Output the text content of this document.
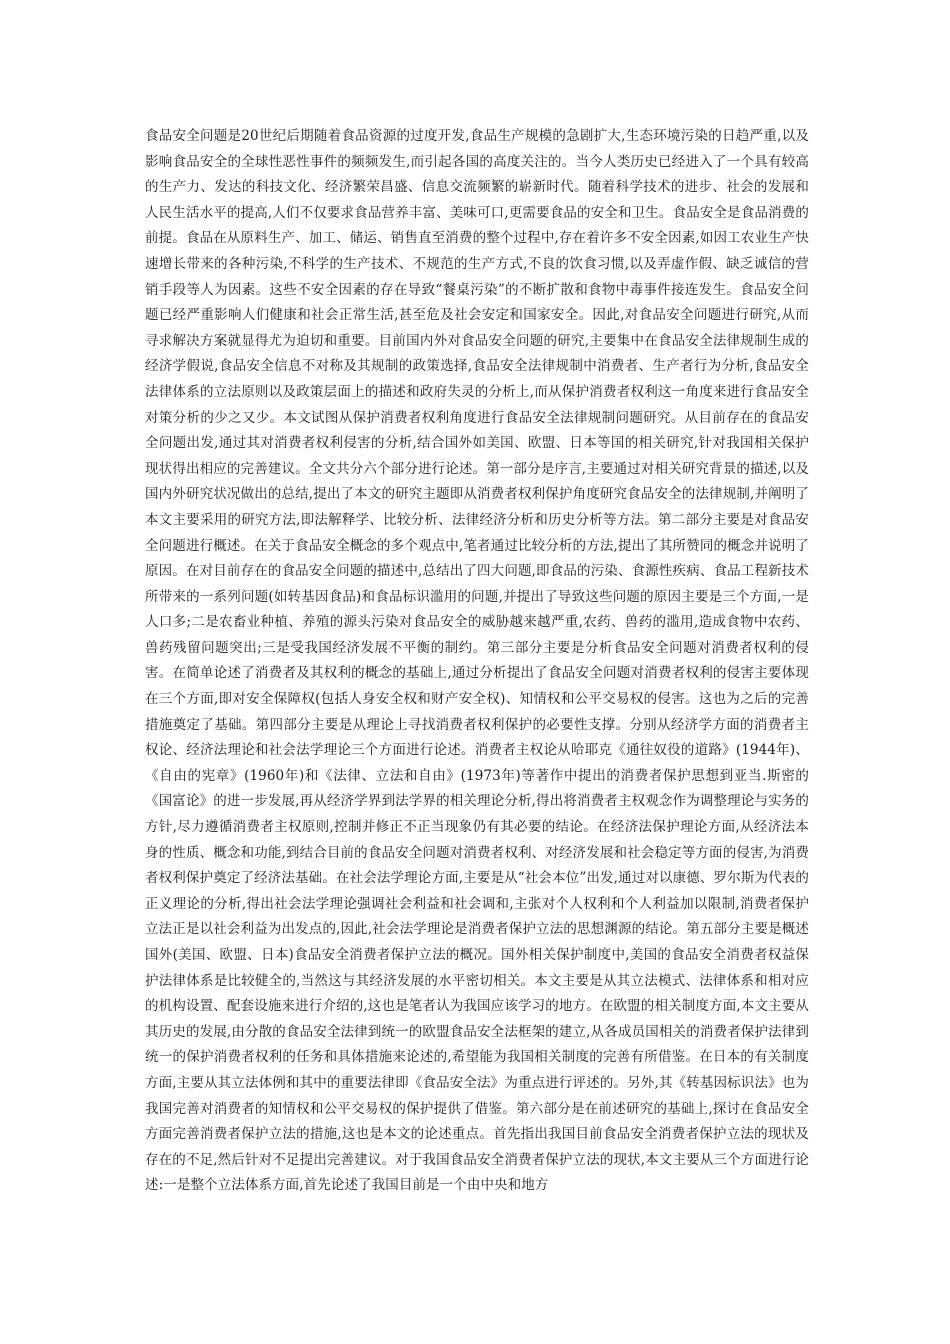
食品安全问题是20世纪后期随着食品资源的过度开发,食品生产规模的急剧扩大,生态环境污染的日趋严重,以及影响食品安全的全球性恶性事件的频频发生,而引起各国的高度关注的。当今人类历史已经进入了一个具有较高的生产力、发达的科技文化、经济繁荣昌盛、信息交流频繁的崭新时代。随着科学技术的进步、社会的发展和人民生活水平的提高,人们不仅要求食品营养丰富、美味可口,更需要食品的安全和卫生。食品安全是食品消费的前提。食品在从原料生产、加工、储运、销售直至消费的整个过程中,存在着许多不安全因素,如因工农业生产快速增长带来的各种污染,不科学的生产技术、不规范的生产方式,不良的饮食习惯,以及弄虚作假、缺乏诚信的营销手段等人为因素。这些不安全因素的存在导致“餐桌污染”的不断扩散和食物中毒事件接连发生。食品安全问题已经严重影响人们健康和社会正常生活,甚至危及社会安定和国家安全。因此,对食品安全问题进行研究,从而寻求解决方案就显得尤为迫切和重要。目前国内外对食品安全问题的研究,主要集中在食品安全法律规制生成的经济学假说,食品安全信息不对称及其规制的政策选择,食品安全法律规制中消费者、生产者行为分析,食品安全法律体系的立法原则以及政策层面上的描述和政府失灵的分析上,而从保护消费者权利这一角度来进行食品安全对策分析的少之又少。本文试图从保护消费者权利角度进行食品安全法律规制问题研究。从目前存在的食品安全问题出发,通过其对消费者权利侵害的分析,结合国外如美国、欧盟、日本等国的相关研究,针对我国相关保护现状得出相应的完善建议。全文共分六个部分进行论述。第一部分是序言,主要通过对相关研究背景的描述,以及国内外研究状况做出的总结,提出了本文的研究主题即从消费者权利保护角度研究食品安全的法律规制,并阐明了本文主要采用的研究方法,即法解释学、比较分析、法律经济分析和历史分析等方法。第二部分主要是对食品安全问题进行概述。在关于食品安全概念的多个观点中,笔者通过比较分析的方法,提出了其所赞同的概念并说明了原因。在对目前存在的食品安全问题的描述中,总结出了四大问题,即食品的污染、食源性疾病、食品工程新技术所带来的一系列问题(如转基因食品)和食品标识滥用的问题,并提出了导致这些问题的原因主要是三个方面,一是人口多;二是农畜业种植、养殖的源头污染对食品安全的威胁越来越严重,农药、兽药的滥用,造成食物中农药、兽药残留问题突出;三是受我国经济发展不平衡的制约。第三部分主要是分析食品安全问题对消费者权利的侵害。在简单论述了消费者及其权利的概念的基础上,通过分析提出了食品安全问题对消费者权利的侵害主要体现在三个方面,即对安全保障权(包括人身安全权和财产安全权)、知情权和公平交易权的侵害。这也为之后的完善措施奠定了基础。第四部分主要是从理论上寻找消费者权利保护的必要性支撑。分别从经济学方面的消费者主权论、经济法理论和社会法学理论三个方面进行论述。消费者主权论从哈耶克《通往奴役的道路》(1944年)、《自由的宪章》(1960年)和《法律、立法和自由》(1973年)等著作中提出的消费者保护思想到亚当.斯密的《国富论》的进一步发展,再从经济学界到法学界的相关理论分析,得出将消费者主权观念作为调整理论与实务的方针,尽力遵循消费者主权原则,控制并修正不正当现象仍有其必要的结论。在经济法保护理论方面,从经济法本身的性质、概念和功能,到结合目前的食品安全问题对消费者权利、对经济发展和社会稳定等方面的侵害,为消费者权利保护奠定了经济法基础。在社会法学理论方面,主要是从“社会本位”出发,通过对以康德、罗尔斯为代表的正义理论的分析,得出社会法学理论强调社会利益和社会调和,主张对个人权利和个人利益加以限制,消费者保护立法正是以社会利益为出发点的,因此,社会法学理论是消费者保护立法的思想渊源的结论。第五部分主要是概述国外(美国、欧盟、日本)食品安全消费者保护立法的概况。国外相关保护制度中,美国的食品安全消费者权益保护法律体系是比较健全的,当然这与其经济发展的水平密切相关。本文主要是从其立法模式、法律体系和相对应的机构设置、配套设施来进行介绍的,这也是笔者认为我国应该学习的地方。在欧盟的相关制度方面,本文主要从其历史的发展,由分散的食品安全法律到统一的欧盟食品安全法框架的建立,从各成员国相关的消费者保护法律到统一的保护消费者权利的任务和具体措施来论述的,希望能为我国相关制度的完善有所借鉴。在日本的有关制度方面,主要从其立法体例和其中的重要法律即《食品安全法》为重点进行评述的。另外,其《转基因标识法》也为我国完善对消费者的知情权和公平交易权的保护提供了借鉴。第六部分是在前述研究的基础上,探讨在食品安全方面完善消费者保护立法的措施,这也是本文的论述重点。首先指出我国目前食品安全消费者保护立法的现状及存在的不足,然后针对不足提出完善建议。对于我国食品安全消费者保护立法的现状,本文主要从三个方面进行论述:一是整个立法体系方面,首先论述了我国目前是一个由中央和地方
